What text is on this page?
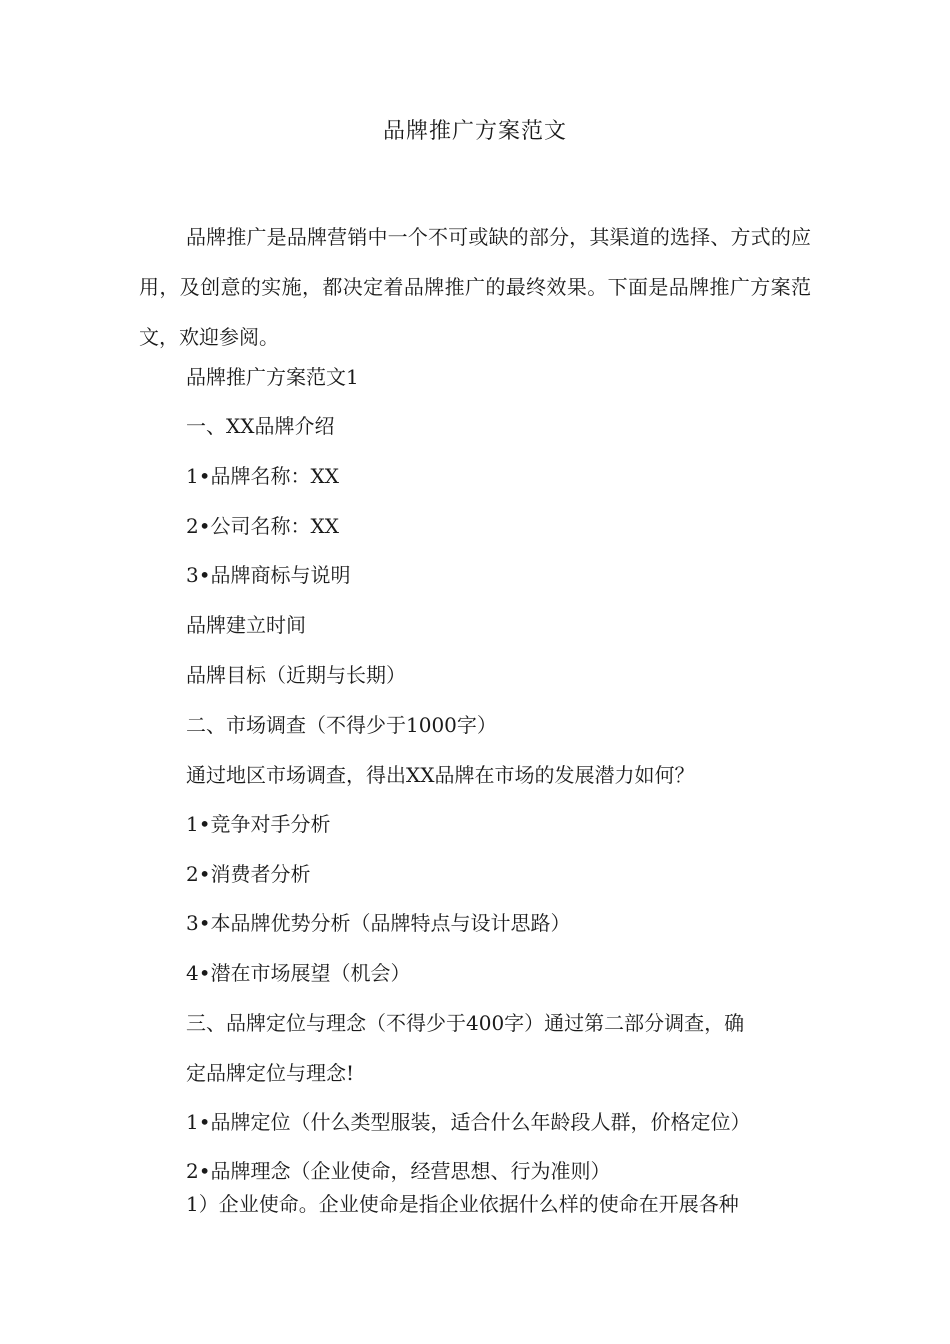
品牌推广方案范文
品牌推广是品牌营销中一个不可或缺的部分，其渠道的选择、方式的应用，及创意的实施，都决定着品牌推广的最终效果。下面是品牌推广方案范文，欢迎参阅。
品牌推广方案范文1
一、XX品牌介绍
1•品牌名称：XX
2•公司名称：XX
3•品牌商标与说明
品牌建立时间
品牌目标（近期与长期）
二、市场调查（不得少于1000字）
通过地区市场调查，得出XX品牌在市场的发展潜力如何？
1•竞争对手分析
2•消费者分析
3•本品牌优势分析（品牌特点与设计思路）
4•潜在市场展望（机会）
三、品牌定位与理念（不得少于400字）通过第二部分调查，确
定品牌定位与理念!
1•品牌定位（什么类型服装，适合什么年龄段人群，价格定位）
2•品牌理念（企业使命，经营思想、行为准则）
1）企业使命。企业使命是指企业依据什么样的使命在开展各种
